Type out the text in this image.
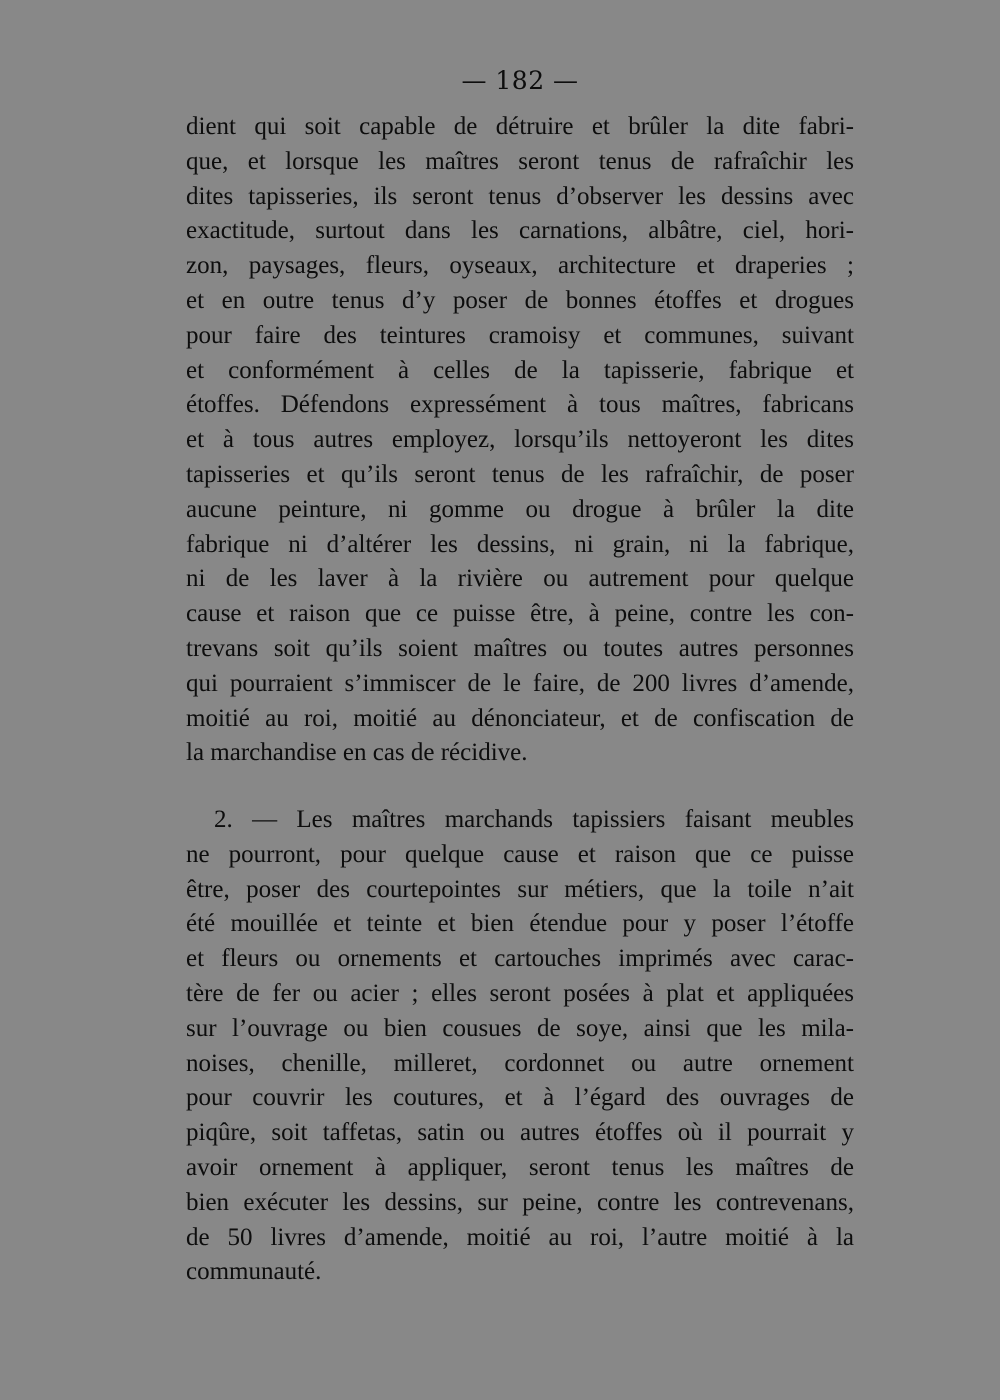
— 182 —
dient qui soit capable de détruire et brûler la dite fabri-
que, et lorsque les maîtres seront tenus de rafraîchir les
dites tapisseries, ils seront tenus d’observer les dessins avec
exactitude, surtout dans les carnations, albâtre, ciel, hori-
zon, paysages, fleurs, oyseaux, architecture et draperies ;
et en outre tenus d’y poser de bonnes étoffes et drogues
pour faire des teintures cramoisy et communes, suivant
et conformément à celles de la tapisserie, fabrique et
étoffes. Défendons expressément à tous maîtres, fabricans
et à tous autres employez, lorsqu’ils nettoyeront les dites
tapisseries et qu’ils seront tenus de les rafraîchir, de poser
aucune peinture, ni gomme ou drogue à brûler la dite
fabrique ni d’altérer les dessins, ni grain, ni la fabrique,
ni de les laver à la rivière ou autrement pour quelque
cause et raison que ce puisse être, à peine, contre les con-
trevans soit qu’ils soient maîtres ou toutes autres personnes
qui pourraient s’immiscer de le faire, de 200 livres d’amende,
moitié au roi, moitié au dénonciateur, et de confiscation de
la marchandise en cas de récidive.
2. — Les maîtres marchands tapissiers faisant meubles
ne pourront, pour quelque cause et raison que ce puisse
être, poser des courtepointes sur métiers, que la toile n’ait
été mouillée et teinte et bien étendue pour y poser l’étoffe
et fleurs ou ornements et cartouches imprimés avec carac-
tère de fer ou acier ; elles seront posées à plat et appliquées
sur l’ouvrage ou bien cousues de soye, ainsi que les mila-
noises, chenille, milleret, cordonnet ou autre ornement
pour couvrir les coutures, et à l’égard des ouvrages de
piqûre, soit taffetas, satin ou autres étoffes où il pourrait y
avoir ornement à appliquer, seront tenus les maîtres de
bien exécuter les dessins, sur peine, contre les contrevenans,
de 50 livres d’amende, moitié au roi, l’autre moitié à la
communauté.
